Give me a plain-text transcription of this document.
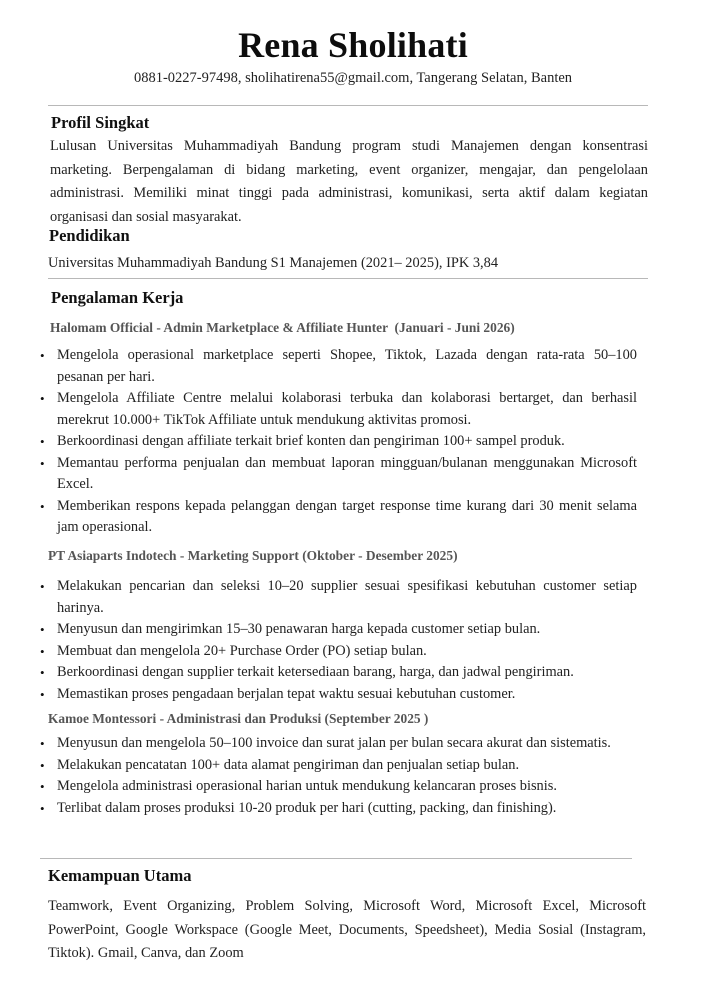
Rena Sholihati
0881-0227-97498, sholihatirena55@gmail.com, Tangerang Selatan, Banten
Profil Singkat
Lulusan Universitas Muhammadiyah Bandung program studi Manajemen dengan konsentrasi marketing. Berpengalaman di bidang marketing, event organizer, mengajar, dan pengelolaan administrasi. Memiliki minat tinggi pada administrasi, komunikasi, serta aktif dalam kegiatan organisasi dan sosial masyarakat.
Pendidikan
Universitas Muhammadiyah Bandung S1 Manajemen (2021– 2025), IPK 3,84
Pengalaman Kerja
Halomam Official - Admin Marketplace & Affiliate Hunter  (Januari - Juni 2026)
• Mengelola operasional marketplace seperti Shopee, Tiktok, Lazada dengan rata-rata 50–100 pesanan per hari.
• Mengelola Affiliate Centre melalui kolaborasi terbuka dan kolaborasi bertarget, dan berhasil merekrut 10.000+ TikTok Affiliate untuk mendukung aktivitas promosi.
• Berkoordinasi dengan affiliate terkait brief konten dan pengiriman 100+ sampel produk.
• Memantau performa penjualan dan membuat laporan mingguan/bulanan menggunakan Microsoft Excel.
• Memberikan respons kepada pelanggan dengan target response time kurang dari 30 menit selama jam operasional.
PT Asiaparts Indotech - Marketing Support (Oktober - Desember 2025)
• Melakukan pencarian dan seleksi 10–20 supplier sesuai spesifikasi kebutuhan customer setiap harinya.
• Menyusun dan mengirimkan 15–30 penawaran harga kepada customer setiap bulan.
• Membuat dan mengelola 20+ Purchase Order (PO) setiap bulan.
• Berkoordinasi dengan supplier terkait ketersediaan barang, harga, dan jadwal pengiriman.
• Memastikan proses pengadaan berjalan tepat waktu sesuai kebutuhan customer.
Kamoe Montessori - Administrasi dan Produksi (September 2025 )
• Menyusun dan mengelola 50–100 invoice dan surat jalan per bulan secara akurat dan sistematis.
• Melakukan pencatatan 100+ data alamat pengiriman dan penjualan setiap bulan.
• Mengelola administrasi operasional harian untuk mendukung kelancaran proses bisnis.
• Terlibat dalam proses produksi 10-20 produk per hari (cutting, packing, dan finishing).
Kemampuan Utama
Teamwork, Event Organizing, Problem Solving, Microsoft Word, Microsoft Excel, Microsoft PowerPoint, Google Workspace (Google Meet, Documents, Speedsheet), Media Sosial (Instagram, Tiktok). Gmail, Canva, dan Zoom
